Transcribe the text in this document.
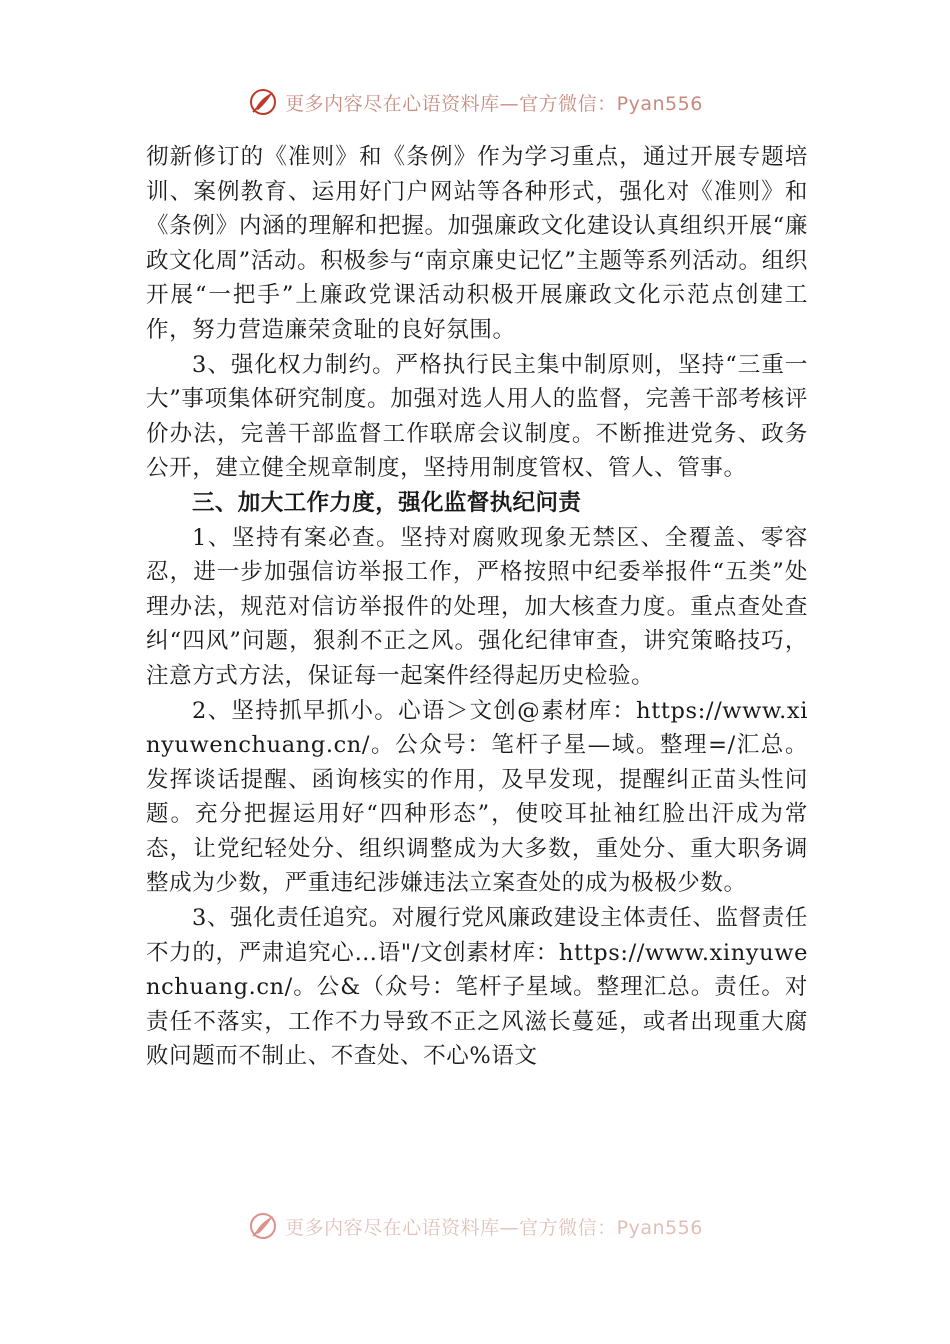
更多内容尽在心语资料库—官方微信：Pyan556

彻新修订的《准则》和《条例》作为学习重点，通过开展专题培训、案例教育、运用好门户网站等各种形式，强化对《准则》和《条例》内涵的理解和把握。加强廉政文化建设认真组织开展“廉政文化周”活动。积极参与“南京廉史记忆”主题等系列活动。组织开展“一把手”上廉政党课活动积极开展廉政文化示范点创建工作，努力营造廉荣贪耻的良好氛围。

3、强化权力制约。严格执行民主集中制原则，坚持“三重一大”事项集体研究制度。加强对选人用人的监督，完善干部考核评价办法，完善干部监督工作联席会议制度。不断推进党务、政务公开，建立健全规章制度，坚持用制度管权、管人、管事。

三、加大工作力度，强化监督执纪问责

1、坚持有案必查。坚持对腐败现象无禁区、全覆盖、零容忍，进一步加强信访举报工作，严格按照中纪委举报件“五类”处理办法，规范对信访举报件的处理，加大核查力度。重点查处查纠“四风”问题，狠刹不正之风。强化纪律审查，讲究策略技巧，注意方式方法，保证每一起案件经得起历史检验。

2、坚持抓早抓小。心语＞文创@素材库：https://www.xinyuwenchuang.cn/。公众号：笔杆子星—域。整理=/汇总。发挥谈话提醒、函询核实的作用，及早发现，提醒纠正苗头性问题。充分把握运用好“四种形态”，使咬耳扯袖红脸出汗成为常态，让党纪轻处分、组织调整成为大多数，重处分、重大职务调整成为少数，严重违纪涉嫌违法立案查处的成为极极少数。

3、强化责任追究。对履行党风廉政建设主体责任、监督责任不力的，严肃追究心…语"/文创素材库：https://www.xinyuwenchuang.cn/。公&（众号：笔杆子星域。整理汇总。责任。对责任不落实，工作不力导致不正之风滋长蔓延，或者出现重大腐败问题而不制止、不查处、不心%语文

更多内容尽在心语资料库—官方微信：Pyan556
